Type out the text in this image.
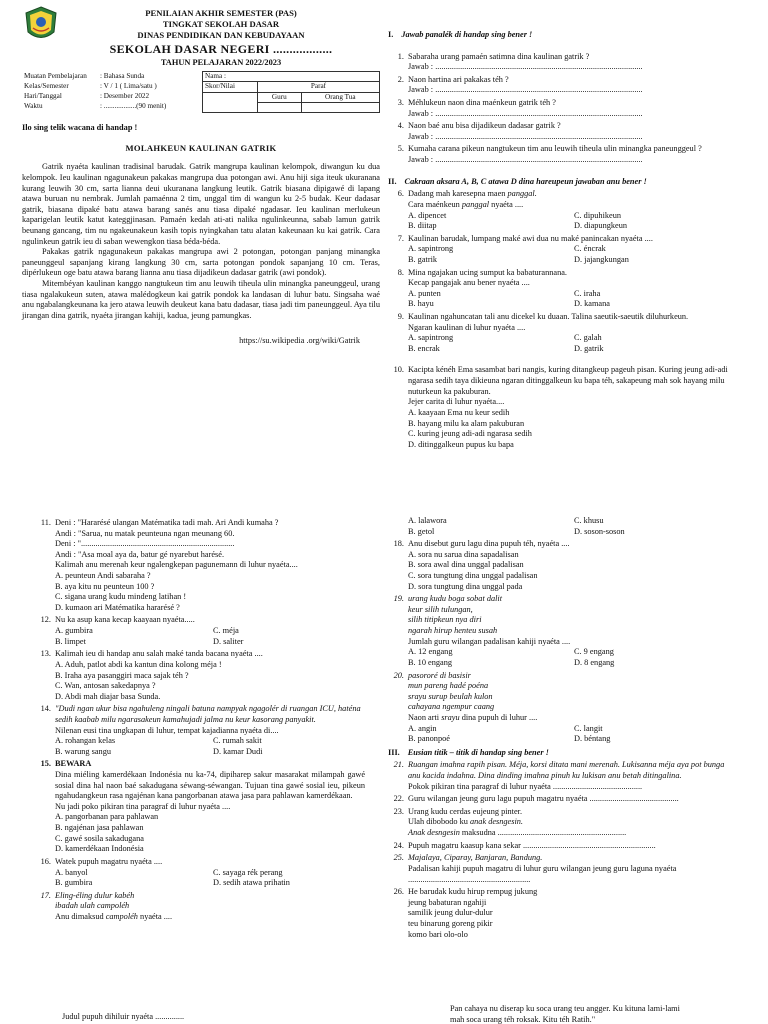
PENILAIAN AKHIR SEMESTER (PAS)
TINGKAT SEKOLAH DASAR
DINAS PENDIDIKAN DAN KEBUDAYAAN
SEKOLAH DASAR NEGERI ..................
TAHUN PELAJARAN 2022/2023
Muatan Pembelajaran	: Bahasa Sunda	Nama :		
Kelas/Semester	: V / 1 ( Lima/satu )	Skor/Nilai	Paraf	
Hari/Tanggal	: Desember 2022		Guru	Orang Tua
Waktu	: ..................(90 menit)			
Ilo sing telik wacana di handap !
MOLAHKEUN KAULINAN GATRIK

Gatrik nyaéta kaulinan tradisinal barudak. Gatrik mangrupa kaulinan kelompok, diwangun ku dua kelompok. Ieu kaulinan ngagunakeun pakakas mangrupa dua potongan awi. Anu hiji siga iteuk ukuranana kurang leuwih 30 cm, sarta lianna deui ukuranana langkung leutik. Gatrik biasana dipigawé di lapang atawa buruan nu nembrak. Jumlah pamaénna 2 tim, unggal tim di wangun ku 2-5 budak. Keur dadasar gatrik, biasana dipaké batu atawa barang sanés anu tiasa dipaké ngadasar. Ieu kaulinan merlukeun kaparigelan leutik katut kateggjinasan. Pamaén kedah ati-ati nalika ngulinkeunna, sabab lamun gatrik beunang gancang, tim nu ngakeunakeun kasih topis nyingkahan tatu alatan kakeunaan ku kai gatrik. Cara ngulinkeun gatrik ieu di saban wewengkon tiasa béda-béda.

Pakakas gatrik ngagunakeun pakakas mangrupa awi 2 potongan, potongan panjang minangka paneunggeul sapanjang kirang langkung 30 cm, sarta potongan pondok sapanjang 10 cm. Teras, dipérlukeun oge batu atawa barang lianna anu tiasa dijadikeun dadasar gatrik (awi pondok).

Mitembéyan kaulinan kanggo nangtukeun tim anu leuwih tiheula ulin minangka paneunggeul, urang tiasa ngalakukeun suten, atawa malédogkeun kai gatrik pondok ka landasan di luhur batu. Singsaha waé anu ngabalangkeunana ka jero atawa leuwih deukeut kana batu dadasar, tiasa jadi tim paneunggeul. Aya tilu jirangan dina gatrik, nyaéta jirangan kahiji, kadua, jeung pamungkas.

https://su.wikipedia .org/wiki/Gatrik
I. Jawab panalék di handap sing bener !
1. Sabaraha urang pamaén satimna dina kaulinan gatrik ?
Jawab : ....................................................................................................
2. Naon hartina ari pakakas téh ?
Jawab : ....................................................................................................
3. Méhlukeun naon dina maénkeun gatrik téh ?
Jawab : ....................................................................................................
4. Naon baé anu bisa dijadikeun dadasar gatrik ?
Jawab : ....................................................................................................
5. Kumaha carana pikeun nangtukeun tim anu leuwih tiheula ulin minangka paneunggeul ?
Jawab : ....................................................................................................
II. Cakraan aksara A, B, C atawa D dina hareupeun jawaban anu bener !
6. Dadang mah karesepna maen panggal.
Cara maénkeun panggal nyaéta ....
A. dipencet	C. dipuhikeun
B. diitap	D. diapungkeun
7. Kaulinan barudak, lumpang maké awi dua nu maké panincakan nyaéta ....
A. sapintrong	C. éncrak
B. gatrik	D. jajangkungan
8. Mina ngajakan ucing sumput ka babaturannana.
Kecap pangajak anu bener nyaéta ....
A. punten	C. iraha
B. hayu	D. kamana
9. Kaulinan ngahuncatan tali anu dicekel ku duaan. Talina saeutik-saeutik diluhurkeun.
Ngaran kaulinan di luhur nyaéta ....
A. sapintrong	C. galah
B. encrak	D. gatrik
10. Kacipta kénéh Ema sasambat bari nangis, kuring ditangkeup pageuh pisan. Kuring jeung adi-adi ngarasa sedih taya dikieuna ngaran ditinggalkeun ku bapa téh, sakapeung mah sok hayang milu nuturkeun ka pakuburan.
Jejer carita di luhur nyaéta....
A. kaayaan Ema nu keur sedih
B. hayang milu ka alam pakuburan
C. kuring jeung adi-adi ngarasa sedih
D. ditinggalkeun pupus ku bapa
11. Deni : "Hararésé ulangan Matématika tadi mah. Ari Andi kumaha ?
Andi : "Sarua, nu matak peunteuna ngan meunang 60.
Deni : "..........................................................................
Andi : "Asa moal aya da, batur gé nyarebut harésé.
Kalimah anu merenah keur ngalengkepan pagunemann di luhur nyaéta....
A. peunteun Andi sabaraha ?
B. aya kitu nu peunteun 100 ?
C. sigana urang kudu mindeng latihan !
D. kumaon ari Matématika hararésé ?
12. Nu ka asup kana kecap kaayaan nyaéta.....
A. gumbira	C. méja
B. limpet	D. saliter
13. Kalimah ieu di handap anu salah maké tanda bacana nyaéta ....
A. Aduh, patlot abdi ka kantun dina kolong méja !
B. Iraha aya pasanggiri maca sajak téh ?
C. Wan, antosan sakedapnya ?
D. Abdi mah diajar basa Sunda.
14. "Dudi ngan ukur bisa ngahuleng ningali batuna nampyak ngagolér di ruangan ICU, haténa sedih kaabab milu ngarasakeun kamahujadi jalma nu keur kasorang panyakit.
Nilenan eusi tina ungkapan di luhur, tempat kajadianna nyaéta di....
A. rohangan kelas	C. rumah sakit
B. warung sangu	D. kamar Dudi
15. BEWARA
Dina miéling kamerdékaan Indonésia nu ka-74, dipiharep sakur masarakat milampah gawé sosial dina hal naon baé sakadugana séwang-séwangan. Tujuan tina gawé sosial ieu, pikeun ngahudangkeun rasa ngajénan kana pangorbanan atawa jasa para pahlawan kamerdékaan.
Nu jadi poko pikiran tina paragraf di luhur nyaéta ....
A. pangorbanan para pahlawan
B. ngajénan jasa pahlawan
C. gawé sosila sakadugana
D. kamerdékaan Indonésia
16. Watek pupuh magatru nyaéta ....
A. banyol	C. sayaga rék perang
B. gumbira	D. sedih atawa prihatin
17. Eling-éling dulur kabéh
ibadah ulah campoléh
Anu dimaksud campoléh nyaéta ....
A. lalawora	C. khusu
B. getol	D. soson-soson
18. Anu disebut guru lagu dina pupuh téh, nyaéta ....
A. sora nu sarua dina sapadalisan
B. sora awal dina unggal padalisan
C. sora tungtung dina unggal padalisan
D. sora tungtung dina unggal pada
19. urang kudu boga sobat dalit
keur silih tulungan,
silih titipkeun nya diri
ngarah hirup henteu susah
Jumlah guru wilangan padalisan kahiji nyaéta ....
A. 12 engang	C. 9 engang
B. 10 engang	D. 8 engang
20. pasororé di basisir
mun pareng hadé poéna
srayu surup beulah kulon
cahayana ngempur caang
Naon arti srayu dina pupuh di luhur ....
A. angin	C. langit
B. panonpoé	D. béntang
III. Eusian titik – titik di handap sing bener !
21. Ruangan imahna rapih pisan. Méja, korsi ditata mani merenah. Lukisanna méja aya pot bunga anu kacida indahna. Dina dinding imahna pinuh ku lukisan anu betah ditingalina.
Pokok pikiran tina paragraf di luhur nyaéta ...........................................
22. Guru wilangan jeung guru lagu pupuh magatru nyaéta ...........................................
23. Urang kudu cerdas eujeung pinter.
Ulah dibobodo ku anak desngesin.
Anak desngesin maksudna ..............................................................
24. Pupuh magatru kaasup kana sekar ................................................................
25. Majalaya, Ciparay, Banjaran, Bandung.
Padalisan kahiji pupuh magatru di luhur guru wilangan jeung guru laguna nyaéta ...........................................................
26. He barudak kudu hirup rempug jukung
jeung babaturan ngahiji
samilik jeung dulur-dulur
teu binarung goreng pikir
komo bari olo-olo
Judul pupuh dihiluir nyaéta ..............
Pan cahaya nu diserap ku soca urang teu angger. Ku kituna lami-lami
mah soca urang téh roksak. Kitu téh Ratih."
